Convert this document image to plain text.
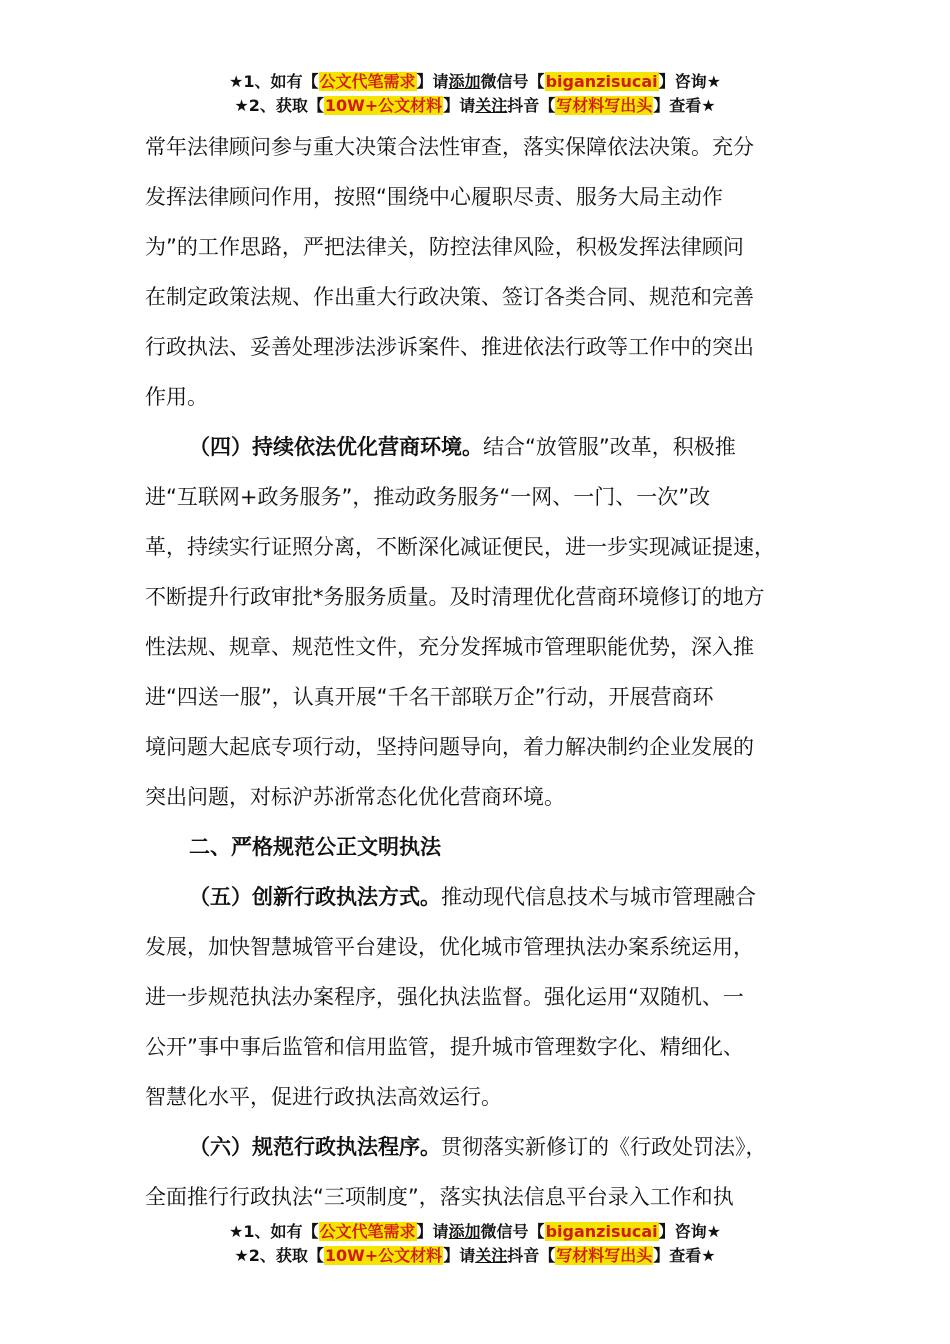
★1、如有【公文代笔需求】请添加微信号【biganzisucai】咨询★
★2、获取【10W+公文材料】请关注抖音【写材料写出头】查看★
常年法律顾问参与重大决策合法性审查，落实保障依法决策。充分
发挥法律顾问作用，按照“围绕中心履职尽责、服务大局主动作
为”的工作思路，严把法律关，防控法律风险，积极发挥法律顾问
在制定政策法规、作出重大行政决策、签订各类合同、规范和完善
行政执法、妥善处理涉法涉诉案件、推进依法行政等工作中的突出
作用。
（四）持续依法优化营商环境。结合“放管服”改革，积极推
进“互联网+政务服务”，推动政务服务“一网、一门、一次”改
革，持续实行证照分离，不断深化减证便民，进一步实现减证提速，
不断提升行政审批*务服务质量。及时清理优化营商环境修订的地方
性法规、规章、规范性文件，充分发挥城市管理职能优势，深入推
进“四送一服”，认真开展“千名干部联万企”行动，开展营商环
境问题大起底专项行动，坚持问题导向，着力解决制约企业发展的
突出问题，对标沪苏浙常态化优化营商环境。
二、严格规范公正文明执法
（五）创新行政执法方式。推动现代信息技术与城市管理融合
发展，加快智慧城管平台建设，优化城市管理执法办案系统运用，
进一步规范执法办案程序，强化执法监督。强化运用“双随机、一
公开”事中事后监管和信用监管，提升城市管理数字化、精细化、
智慧化水平，促进行政执法高效运行。
（六）规范行政执法程序。贯彻落实新修订的《行政处罚法》，
全面推行行政执法“三项制度”，落实执法信息平台录入工作和执
★1、如有【公文代笔需求】请添加微信号【biganzisucai】咨询★
★2、获取【10W+公文材料】请关注抖音【写材料写出头】查看★
